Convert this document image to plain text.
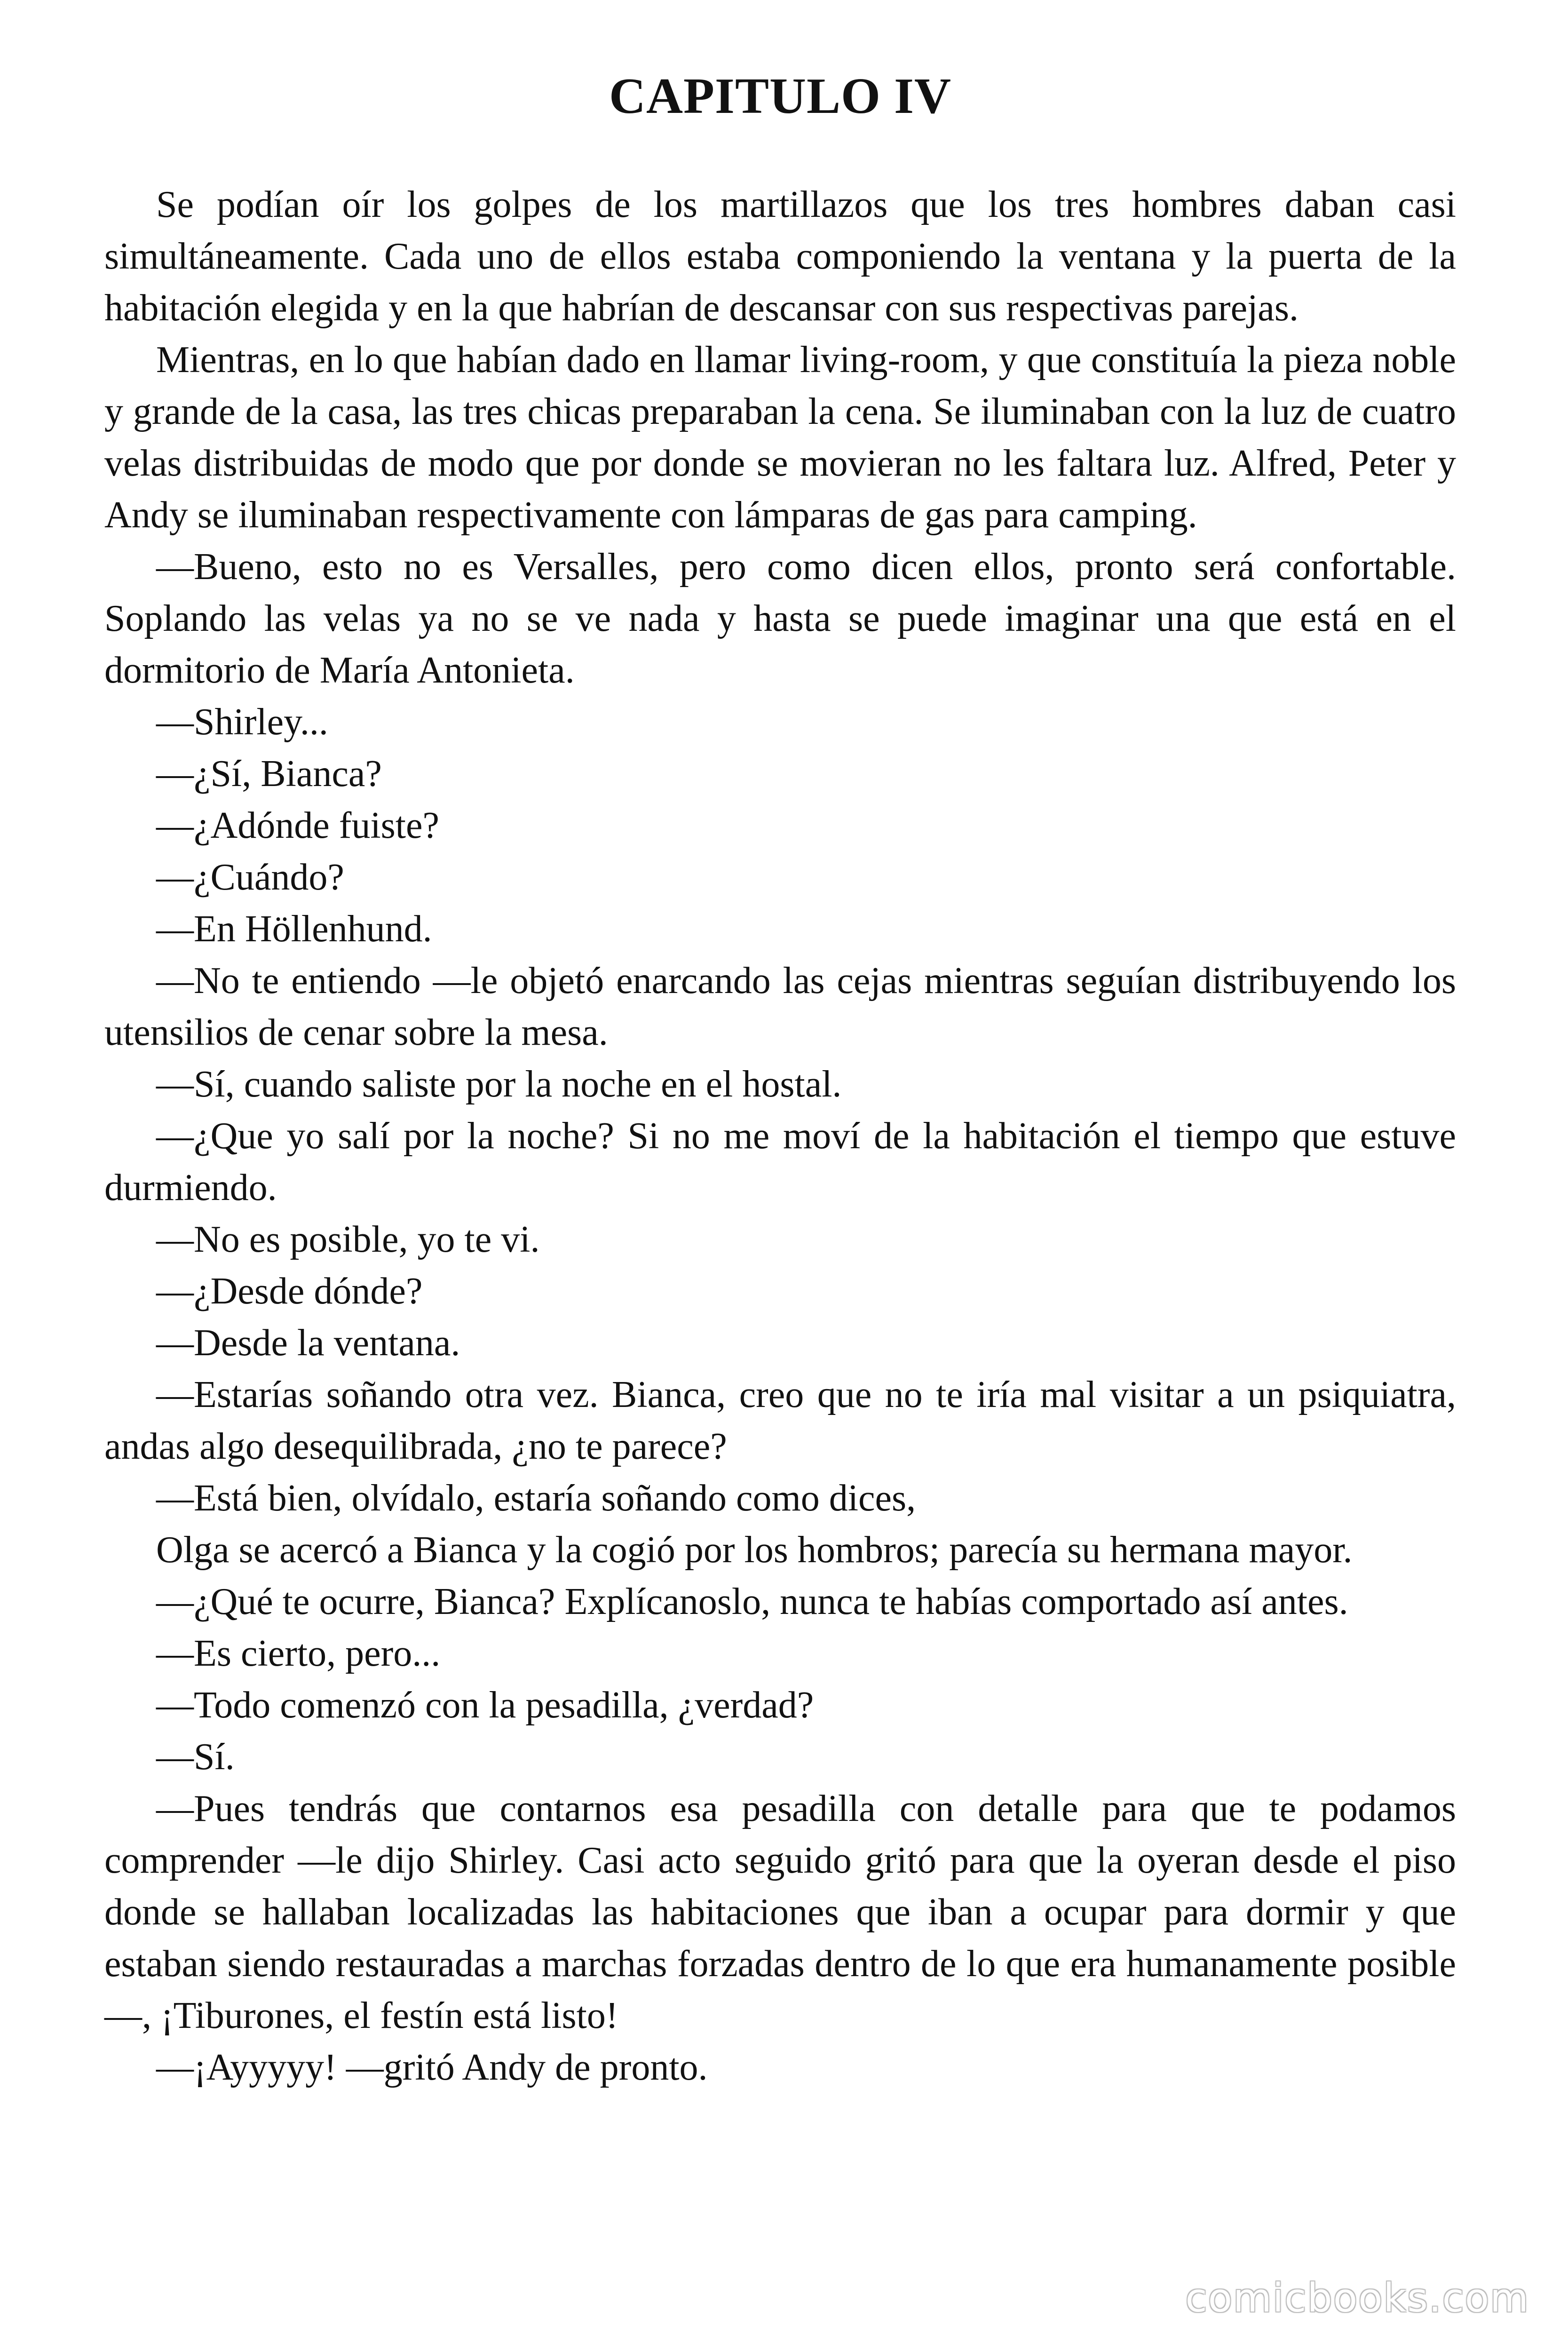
CAPITULO IV

Se podían oír los golpes de los martillazos que los tres hombres daban casi simultáneamente. Cada uno de ellos estaba componiendo la ventana y la puerta de la habitación elegida y en la que habrían de descansar con sus respectivas parejas.

Mientras, en lo que habían dado en llamar living-room, y que constituía la pieza noble y grande de la casa, las tres chicas preparaban la cena. Se iluminaban con la luz de cuatro velas distribuidas de modo que por donde se movieran no les faltara luz. Alfred, Peter y Andy se iluminaban respectivamente con lámparas de gas para camping.

—Bueno, esto no es Versalles, pero como dicen ellos, pronto será confortable. Soplando las velas ya no se ve nada y hasta se puede imaginar una que está en el dormitorio de María Antonieta.

—Shirley...

—¿Sí, Bianca?

—¿Adónde fuiste?

—¿Cuándo?

—En Höllenhund.

—No te entiendo —le objetó enarcando las cejas mientras seguían distribuyendo los utensilios de cenar sobre la mesa.

—Sí, cuando saliste por la noche en el hostal.

—¿Que yo salí por la noche? Si no me moví de la habitación el tiempo que estuve durmiendo.

—No es posible, yo te vi.

—¿Desde dónde?

—Desde la ventana.

—Estarías soñando otra vez. Bianca, creo que no te iría mal visitar a un psiquiatra, andas algo desequilibrada, ¿no te parece?

—Está bien, olvídalo, estaría soñando como dices,

Olga se acercó a Bianca y la cogió por los hombros; parecía su hermana mayor.

—¿Qué te ocurre, Bianca? Explícanoslo, nunca te habías comportado así antes.

—Es cierto, pero...

—Todo comenzó con la pesadilla, ¿verdad?

—Sí.

—Pues tendrás que contarnos esa pesadilla con detalle para que te podamos comprender —le dijo Shirley. Casi acto seguido gritó para que la oyeran desde el piso donde se hallaban localizadas las habitaciones que iban a ocupar para dormir y que estaban siendo restauradas a marchas forzadas dentro de lo que era humanamente posible—, ¡Tiburones, el festín está listo!

—¡Ayyyyy! —gritó Andy de pronto.

comicbooks.com
